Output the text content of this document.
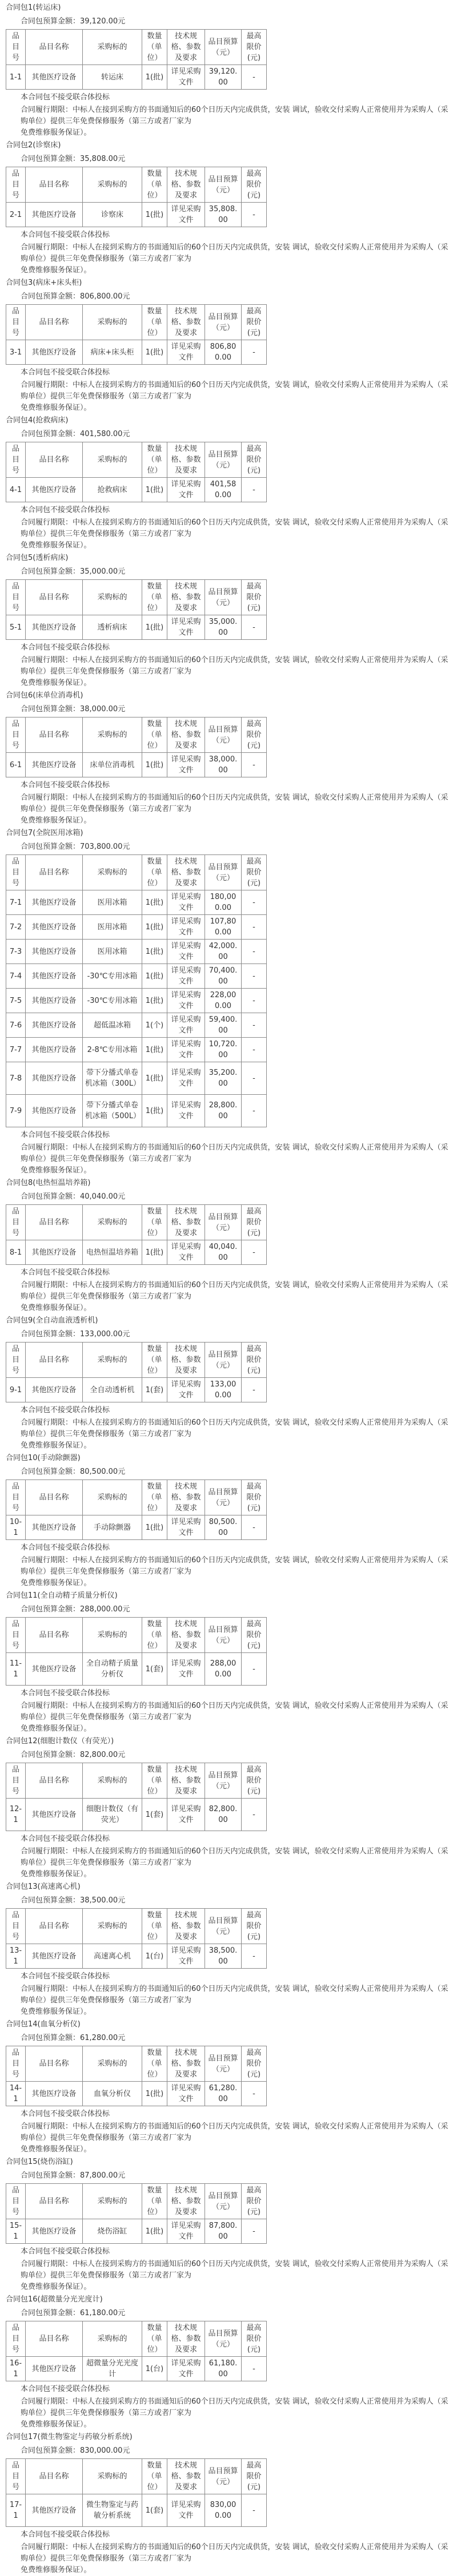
合同包1(转运床)
合同包预算金额：39,120.00元
品目号	品目名称	采购标的	数量（单位）	技术规格、参数及要求	品目预算（元）	最高限价(元)
1-1	其他医疗设备	转运床	1(批)	详见采购文件	39,120.00	-
本合同包不接受联合体投标

合同履行期限：中标人在接到采购方的书面通知后的60个日历天内完成供货，安装 调试，验收交付采购人正常使用并为采购人（采购单位）提供三年免费保修服务（第三方或者厂家为

免费维修服务保证）。

合同包2(诊察床)
合同包预算金额：35,808.00元
品目号	品目名称	采购标的	数量（单位）	技术规格、参数及要求	品目预算（元）	最高限价(元)
2-1	其他医疗设备	诊察床	1(批)	详见采购文件	35,808.00	-
本合同包不接受联合体投标

合同履行期限：中标人在接到采购方的书面通知后的60个日历天内完成供货，安装 调试，验收交付采购人正常使用并为采购人（采购单位）提供三年免费保修服务（第三方或者厂家为

免费维修服务保证）。

合同包3(病床+床头柜)
合同包预算金额：806,800.00元
品目号	品目名称	采购标的	数量（单位）	技术规格、参数及要求	品目预算（元）	最高限价(元)
3-1	其他医疗设备	病床+床头柜	1(批)	详见采购文件	806,800.00	-
本合同包不接受联合体投标

合同履行期限：中标人在接到采购方的书面通知后的60个日历天内完成供货，安装 调试，验收交付采购人正常使用并为采购人（采购单位）提供三年免费保修服务（第三方或者厂家为

免费维修服务保证）。

合同包4(抢救病床)
合同包预算金额：401,580.00元
品目号	品目名称	采购标的	数量（单位）	技术规格、参数及要求	品目预算（元）	最高限价(元)
4-1	其他医疗设备	抢救病床	1(批)	详见采购文件	401,580.00	-
本合同包不接受联合体投标

合同履行期限：中标人在接到采购方的书面通知后的60个日历天内完成供货，安装 调试，验收交付采购人正常使用并为采购人（采购单位）提供三年免费保修服务（第三方或者厂家为

免费维修服务保证）。

合同包5(透析病床)
合同包预算金额：35,000.00元
品目号	品目名称	采购标的	数量（单位）	技术规格、参数及要求	品目预算（元）	最高限价(元)
5-1	其他医疗设备	透析病床	1(批)	详见采购文件	35,000.00	-
本合同包不接受联合体投标

合同履行期限：中标人在接到采购方的书面通知后的60个日历天内完成供货，安装 调试，验收交付采购人正常使用并为采购人（采购单位）提供三年免费保修服务（第三方或者厂家为

免费维修服务保证）。

合同包6(床单位消毒机)
合同包预算金额：38,000.00元
品目号	品目名称	采购标的	数量（单位）	技术规格、参数及要求	品目预算（元）	最高限价(元)
6-1	其他医疗设备	床单位消毒机	1(批)	详见采购文件	38,000.00	-
本合同包不接受联合体投标

合同履行期限：中标人在接到采购方的书面通知后的60个日历天内完成供货，安装 调试，验收交付采购人正常使用并为采购人（采购单位）提供三年免费保修服务（第三方或者厂家为

免费维修服务保证）。

合同包7(全院医用冰箱)
合同包预算金额：703,800.00元
品目号	品目名称	采购标的	数量（单位）	技术规格、参数及要求	品目预算（元）	最高限价(元)
7-1	其他医疗设备	医用冰箱	1(批)	详见采购文件	180,000.00	-
7-2	其他医疗设备	医用冰箱	1(批)	详见采购文件	107,800.00	-
7-3	其他医疗设备	医用冰箱	1(批)	详见采购文件	42,000.00	-
7-4	其他医疗设备	-30℃专用冰箱	1(批)	详见采购文件	70,400.00	-
7-5	其他医疗设备	-30℃专用冰箱	1(批)	详见采购文件	228,000.00	-
7-6	其他医疗设备	超低温冰箱	1(个)	详见采购文件	59,400.00	-
7-7	其他医疗设备	2-8℃专用冰箱	1(批)	详见采购文件	10,720.00	-
7-8	其他医疗设备	带下分播式单卷机冰箱（300L）	1(批)	详见采购文件	35,200.00	-
7-9	其他医疗设备	带下分播式单卷机冰箱（500L）	1(批)	详见采购文件	28,800.00	-
本合同包不接受联合体投标

合同履行期限：中标人在接到采购方的书面通知后的60个日历天内完成供货，安装 调试，验收交付采购人正常使用并为采购人（采购单位）提供三年免费保修服务（第三方或者厂家为

免费维修服务保证）。

合同包8(电热恒温培养箱)
合同包预算金额：40,040.00元
品目号	品目名称	采购标的	数量（单位）	技术规格、参数及要求	品目预算（元）	最高限价(元)
8-1	其他医疗设备	电热恒温培养箱	1(批)	详见采购文件	40,040.00	-
本合同包不接受联合体投标

合同履行期限：中标人在接到采购方的书面通知后的60个日历天内完成供货，安装 调试，验收交付采购人正常使用并为采购人（采购单位）提供三年免费保修服务（第三方或者厂家为

免费维修服务保证）。

合同包9(全自动血液透析机)
合同包预算金额：133,000.00元
品目号	品目名称	采购标的	数量（单位）	技术规格、参数及要求	品目预算（元）	最高限价(元)
9-1	其他医疗设备	全自动透析机	1(套)	详见采购文件	133,000.00	-
本合同包不接受联合体投标

合同履行期限：中标人在接到采购方的书面通知后的60个日历天内完成供货，安装 调试，验收交付采购人正常使用并为采购人（采购单位）提供三年免费保修服务（第三方或者厂家为

免费维修服务保证）。

合同包10(手动除颤器)
合同包预算金额：80,500.00元
品目号	品目名称	采购标的	数量（单位）	技术规格、参数及要求	品目预算（元）	最高限价(元)
10-1	其他医疗设备	手动除颤器	1(批)	详见采购文件	80,500.00	-
本合同包不接受联合体投标

合同履行期限：中标人在接到采购方的书面通知后的60个日历天内完成供货，安装 调试，验收交付采购人正常使用并为采购人（采购单位）提供三年免费保修服务（第三方或者厂家为

免费维修服务保证）。

合同包11(全自动精子质量分析仪)
合同包预算金额：288,000.00元
品目号	品目名称	采购标的	数量（单位）	技术规格、参数及要求	品目预算（元）	最高限价(元)
11-1	其他医疗设备	全自动精子质量分析仪	1(套)	详见采购文件	288,000.00	-
本合同包不接受联合体投标

合同履行期限：中标人在接到采购方的书面通知后的60个日历天内完成供货，安装 调试，验收交付采购人正常使用并为采购人（采购单位）提供三年免费保修服务（第三方或者厂家为

免费维修服务保证）。

合同包12(细胞计数仪（有荧光）)
合同包预算金额：82,800.00元
品目号	品目名称	采购标的	数量（单位）	技术规格、参数及要求	品目预算（元）	最高限价(元)
12-1	其他医疗设备	细胞计数仪（有荧光）	1(套)	详见采购文件	82,800.00	-
本合同包不接受联合体投标

合同履行期限：中标人在接到采购方的书面通知后的60个日历天内完成供货，安装 调试，验收交付采购人正常使用并为采购人（采购单位）提供三年免费保修服务（第三方或者厂家为

免费维修服务保证）。

合同包13(高速离心机)
合同包预算金额：38,500.00元
品目号	品目名称	采购标的	数量（单位）	技术规格、参数及要求	品目预算（元）	最高限价(元)
13-1	其他医疗设备	高速离心机	1(台)	详见采购文件	38,500.00	-
本合同包不接受联合体投标

合同履行期限：中标人在接到采购方的书面通知后的60个日历天内完成供货，安装 调试，验收交付采购人正常使用并为采购人（采购单位）提供三年免费保修服务（第三方或者厂家为

免费维修服务保证）。

合同包14(血氧分析仪)
合同包预算金额：61,280.00元
品目号	品目名称	采购标的	数量（单位）	技术规格、参数及要求	品目预算（元）	最高限价(元)
14-1	其他医疗设备	血氧分析仪	1(批)	详见采购文件	61,280.00	-
本合同包不接受联合体投标

合同履行期限：中标人在接到采购方的书面通知后的60个日历天内完成供货，安装 调试，验收交付采购人正常使用并为采购人（采购单位）提供三年免费保修服务（第三方或者厂家为

免费维修服务保证）。

合同包15(烧伤浴缸)
合同包预算金额：87,800.00元
品目号	品目名称	采购标的	数量（单位）	技术规格、参数及要求	品目预算（元）	最高限价(元)
15-1	其他医疗设备	烧伤浴缸	1(批)	详见采购文件	87,800.00	-
本合同包不接受联合体投标

合同履行期限：中标人在接到采购方的书面通知后的60个日历天内完成供货，安装 调试，验收交付采购人正常使用并为采购人（采购单位）提供三年免费保修服务（第三方或者厂家为

免费维修服务保证）。

合同包16(超微量分光光度计)
合同包预算金额：61,180.00元
品目号	品目名称	采购标的	数量（单位）	技术规格、参数及要求	品目预算（元）	最高限价(元)
16-1	其他医疗设备	超微量分光光度计	1(台)	详见采购文件	61,180.00	-
本合同包不接受联合体投标

合同履行期限：中标人在接到采购方的书面通知后的60个日历天内完成供货，安装 调试，验收交付采购人正常使用并为采购人（采购单位）提供三年免费保修服务（第三方或者厂家为

免费维修服务保证）。

合同包17(微生物鉴定与药敏分析系统)
合同包预算金额：830,000.00元
品目号	品目名称	采购标的	数量（单位）	技术规格、参数及要求	品目预算（元）	最高限价(元)
17-1	其他医疗设备	微生物鉴定与药敏分析系统	1(套)	详见采购文件	830,000.00	-
本合同包不接受联合体投标

合同履行期限：中标人在接到采购方的书面通知后的60个日历天内完成供货，安装 调试，验收交付采购人正常使用并为采购人（采购单位）提供三年免费保修服务（第三方或者厂家为

免费维修服务保证）。
